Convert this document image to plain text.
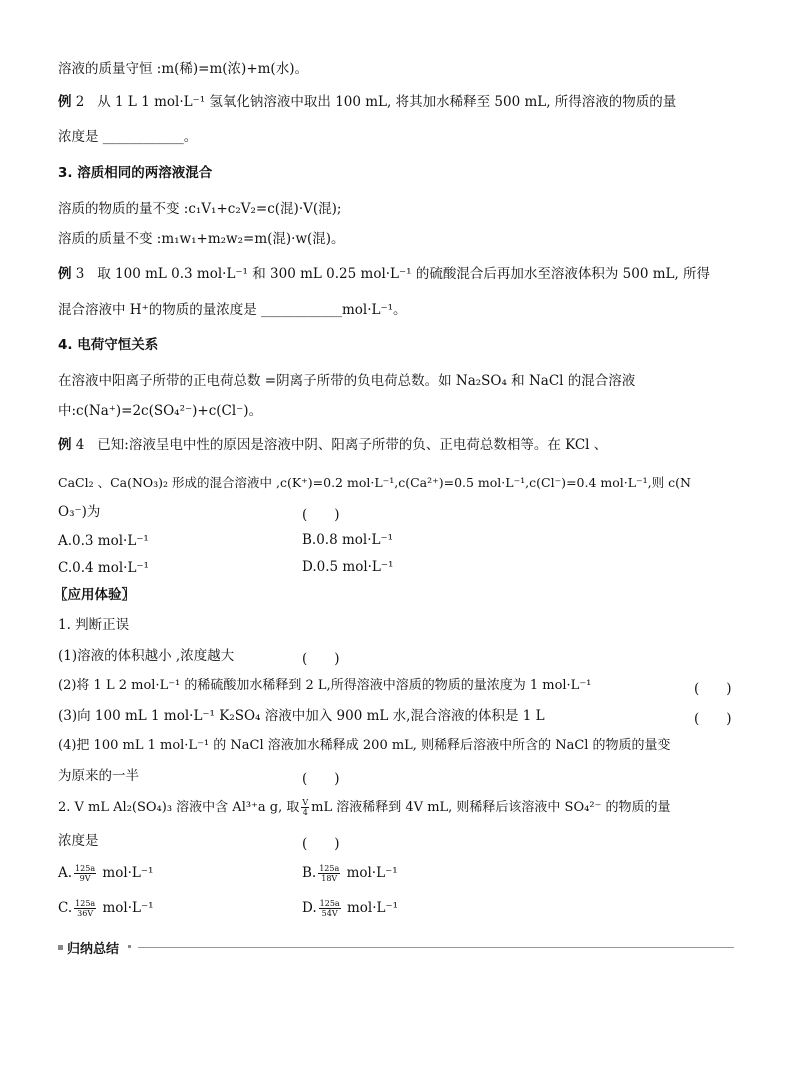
溶液的质量守恒 :m(稀)=m(浓)+m(水)。
例 2 从 1 L 1 mol·L⁻¹ 氢氧化钠溶液中取出 100 mL, 将其加水稀释至 500 mL, 所得溶液的物质的量
浓度是 ____________。
3. 溶质相同的两溶液混合
溶质的物质的量不变 :c₁V₁+c₂V₂=c(混)·V(混);
溶质的质量不变 :m₁w₁+m₂w₂=m(混)·w(混)。
例 3 取 100 mL 0.3 mol·L⁻¹ 和 300 mL 0.25 mol·L⁻¹ 的硫酸混合后再加水至溶液体积为 500 mL, 所得
混合溶液中 H⁺的物质的量浓度是 ____________mol·L⁻¹。
4. 电荷守恒关系
在溶液中阳离子所带的正电荷总数 =阴离子所带的负电荷总数。如 Na₂SO₄ 和 NaCl 的混合溶液
中:c(Na⁺)=2c(SO₄²⁻)+c(Cl⁻)。
例 4 已知:溶液呈电中性的原因是溶液中阴、阳离子所带的负、正电荷总数相等。在 KCl 、
CaCl₂ 、Ca(NO₃)₂ 形成的混合溶液中 ,c(K⁺)=0.2 mol·L⁻¹,c(Ca²⁺)=0.5 mol·L⁻¹,c(Cl⁻)=0.4 mol·L⁻¹,则 c(N
O₃⁻)为	(　　)
A.0.3 mol·L⁻¹	B.0.8 mol·L⁻¹
C.0.4 mol·L⁻¹	D.0.5 mol·L⁻¹
〖应用体验〗
1. 判断正误
(1)溶液的体积越小 ,浓度越大	(　　)
(2)将 1 L 2 mol·L⁻¹ 的稀硫酸加水稀释到 2 L,所得溶液中溶质的物质的量浓度为 1 mol·L⁻¹	(　　)
(3)向 100 mL 1 mol·L⁻¹ K₂SO₄ 溶液中加入 900 mL 水,混合溶液的体积是 1 L	(　　)
(4)把 100 mL 1 mol·L⁻¹ 的 NaCl 溶液加水稀释成 200 mL, 则稀释后溶液中所含的 NaCl 的物质的量变
为原来的一半	(　　)
2. V mL Al₂(SO₄)₃ 溶液中含 Al³⁺a g, 取 $\frac{V}{4}$ mL 溶液稀释到 4V mL, 则稀释后该溶液中 SO₄²⁻ 的物质的量
浓度是	(　　)
A. $\frac{125a}{9V} mol\cdot L^{-1}$	B. $\frac{125a}{18V} mol\cdot L^{-1}$
C. $\frac{125a}{36V} mol\cdot L^{-1}$	D. $\frac{125a}{54V} mol\cdot L^{-1}$
归纳总结
